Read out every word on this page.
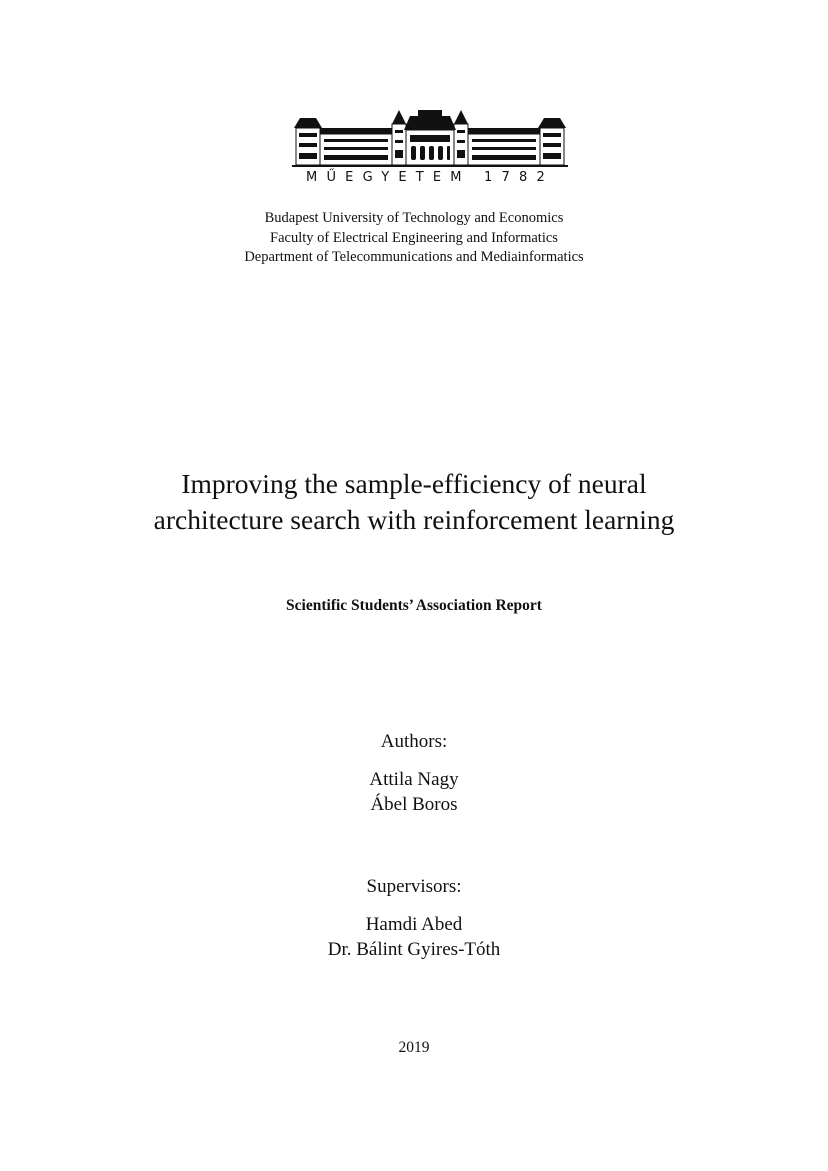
MŰEGYETEM 1782
Budapest University of Technology and Economics
Faculty of Electrical Engineering and Informatics
Department of Telecommunications and Mediainformatics
Improving the sample-efficiency of neural
architecture search with reinforcement learning
Scientific Students’ Association Report
Authors:
Attila Nagy
Ábel Boros
Supervisors:
Hamdi Abed
Dr. Bálint Gyires-Tóth
2019
